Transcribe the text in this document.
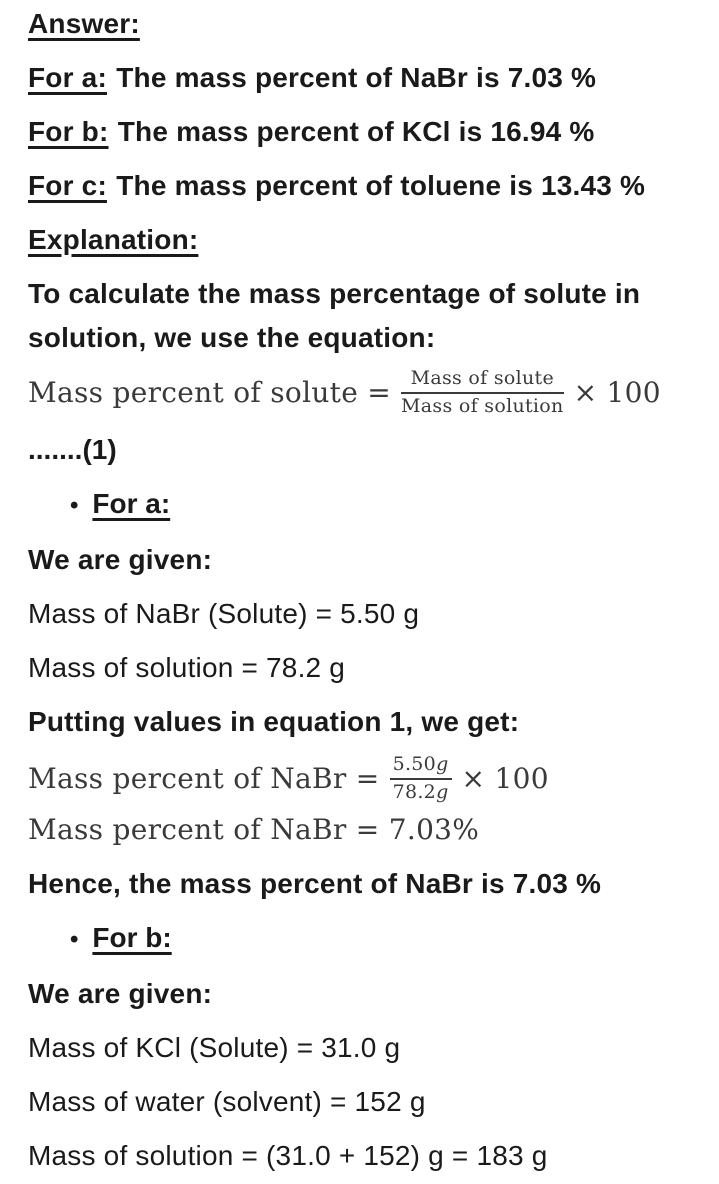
Answer:

For a: The mass percent of NaBr is 7.03 %

For b: The mass percent of KCl is 16.94 %

For c: The mass percent of toluene is 13.43 %

Explanation:

To calculate the mass percentage of solute in solution, we use the equation:

Mass percent of solute = $\frac{\text{Mass of solute}}{\text{Mass of solution}} \times 100$

.......(1)

• For a:

We are given:

Mass of NaBr (Solute) = 5.50 g

Mass of solution = 78.2 g

Putting values in equation 1, we get:

Mass percent of NaBr = $\frac{5.50g}{78.2g} \times 100$
Mass percent of NaBr = 7.03%

Hence, the mass percent of NaBr is 7.03 %

• For b:

We are given:

Mass of KCl (Solute) = 31.0 g

Mass of water (solvent) = 152 g

Mass of solution = (31.0 + 152) g = 183 g
